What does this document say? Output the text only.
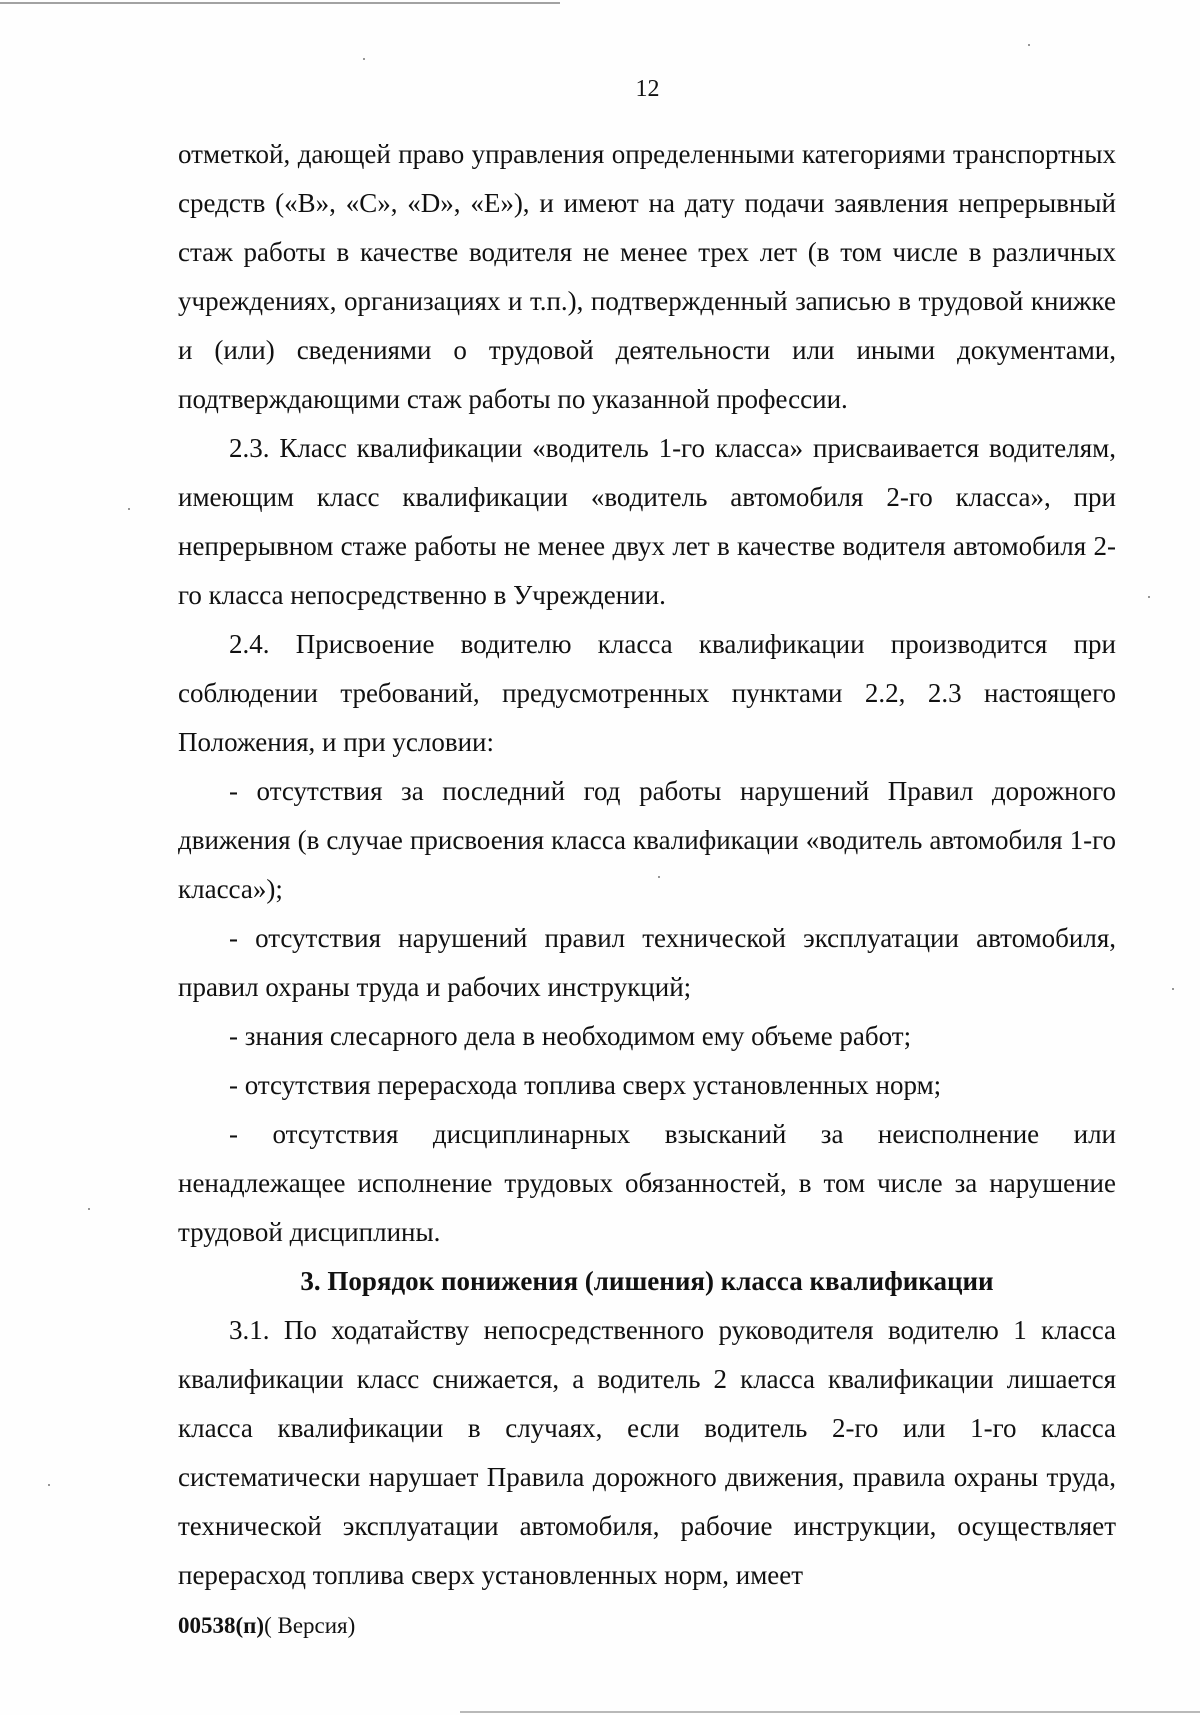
12

отметкой, дающей право управления определенными категориями транспортных средств («В», «С», «D», «Е»), и имеют на дату подачи заявления непрерывный стаж работы в качестве водителя не менее трех лет (в том числе в различных учреждениях, организациях и т.п.), подтвержденный записью в трудовой книжке и (или) сведениями о трудовой деятельности или иными документами, подтверждающими стаж работы по указанной профессии.

2.3. Класс квалификации «водитель 1-го класса» присваивается водителям, имеющим класс квалификации «водитель автомобиля 2-го класса», при непрерывном стаже работы не менее двух лет в качестве водителя автомобиля 2-го класса непосредственно в Учреждении.

2.4. Присвоение водителю класса квалификации производится при соблюдении требований, предусмотренных пунктами 2.2, 2.3 настоящего Положения, и при условии:

- отсутствия за последний год работы нарушений Правил дорожного движения (в случае присвоения класса квалификации «водитель автомобиля 1-го класса»);

- отсутствия нарушений правил технической эксплуатации автомобиля, правил охраны труда и рабочих инструкций;

- знания слесарного дела в необходимом ему объеме работ;

- отсутствия перерасхода топлива сверх установленных норм;

- отсутствия дисциплинарных взысканий за неисполнение или ненадлежащее исполнение трудовых обязанностей, в том числе за нарушение трудовой дисциплины.

3. Порядок понижения (лишения) класса квалификации

3.1. По ходатайству непосредственного руководителя водителю 1 класса квалификации класс снижается, а водитель 2 класса квалификации лишается класса квалификации в случаях, если водитель 2-го или 1-го класса систематически нарушает Правила дорожного движения, правила охраны труда, технической эксплуатации автомобиля, рабочие инструкции, осуществляет перерасход топлива сверх установленных норм, имеет

00538(п)( Версия)
